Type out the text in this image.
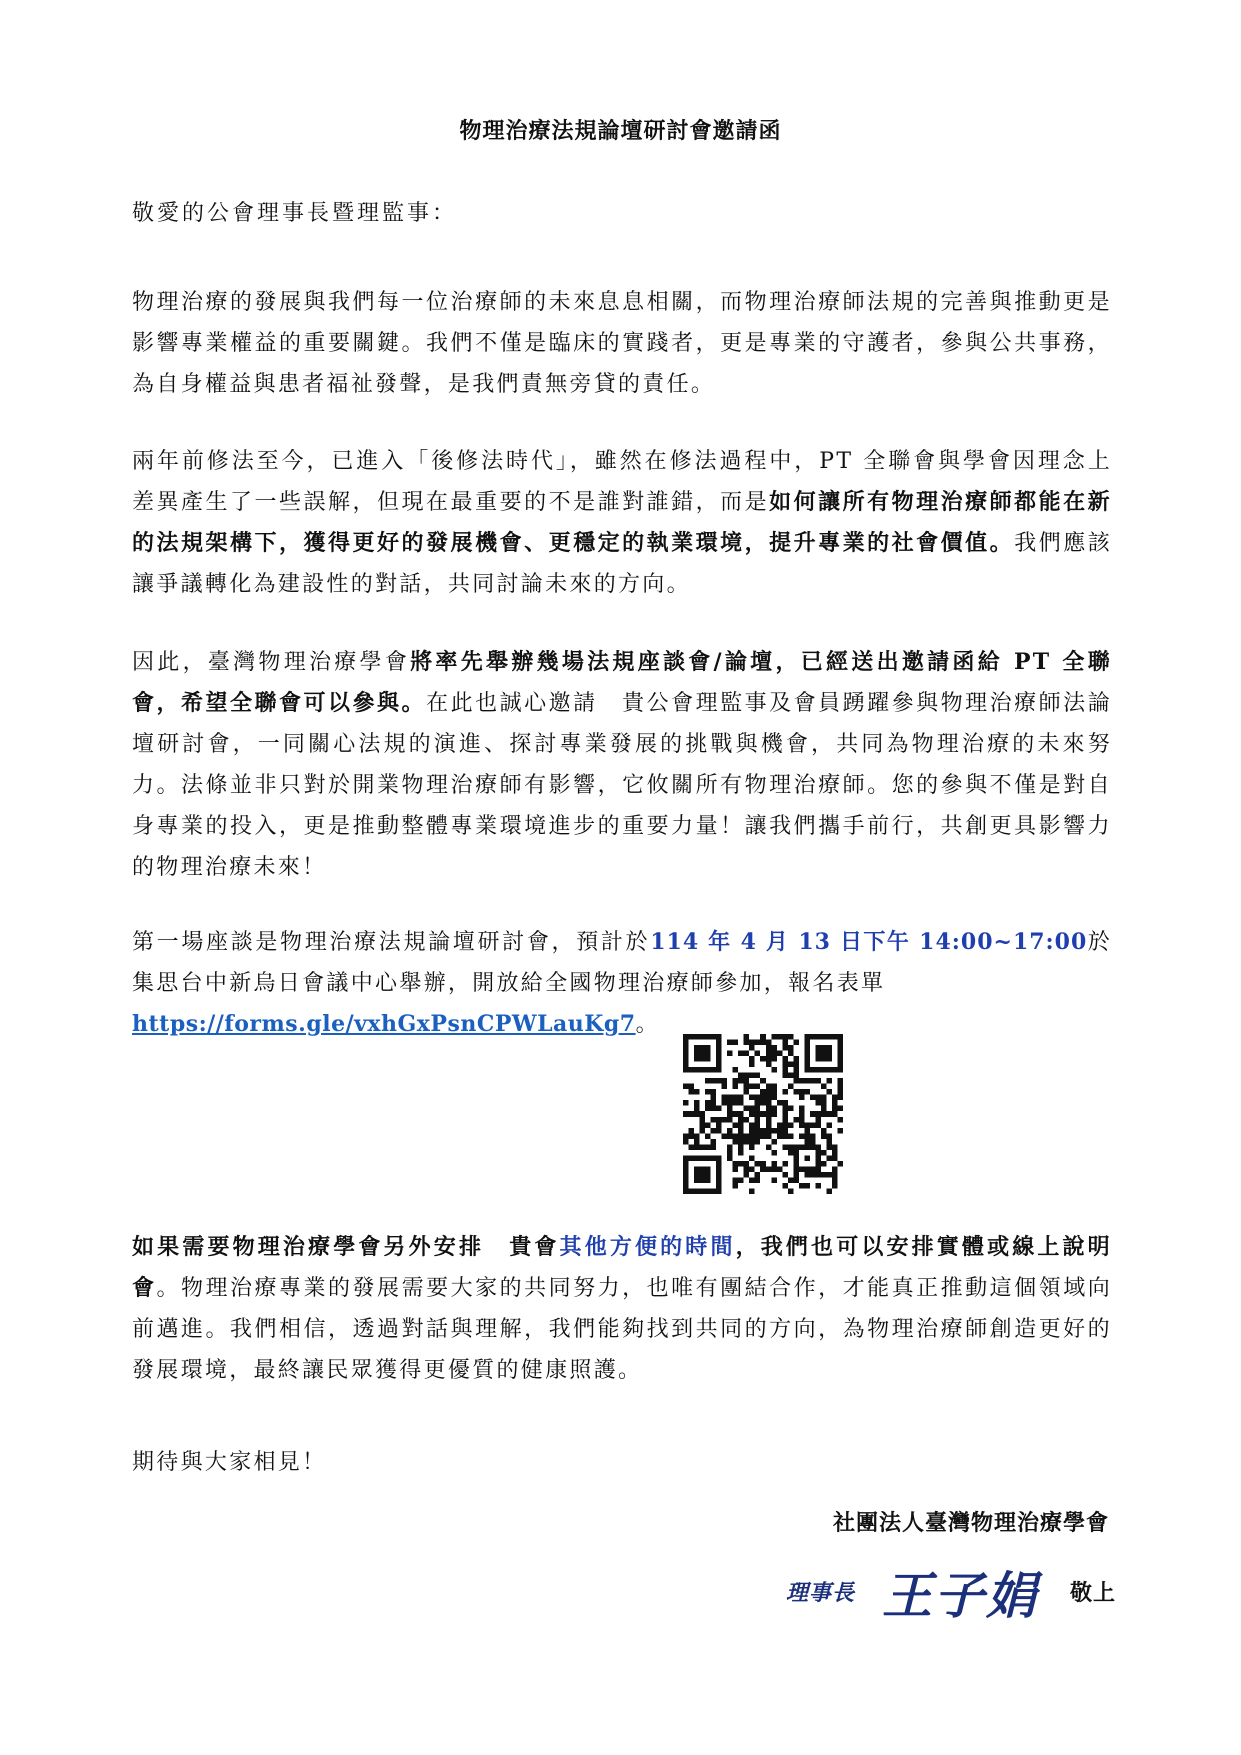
物理治療法規論壇研討會邀請函
敬愛的公會理事長暨理監事：

物理治療的發展與我們每一位治療師的未來息息相關，而物理治療師法規的完善與推動更是影響專業權益的重要關鍵。我們不僅是臨床的實踐者，更是專業的守護者，參與公共事務，為自身權益與患者福祉發聲，是我們責無旁貸的責任。

兩年前修法至今，已進入「後修法時代」，雖然在修法過程中，PT 全聯會與學會因理念上差異產生了一些誤解，但現在最重要的不是誰對誰錯，而是如何讓所有物理治療師都能在新的法規架構下，獲得更好的發展機會、更穩定的執業環境，提升專業的社會價值。我們應該讓爭議轉化為建設性的對話，共同討論未來的方向。

因此，臺灣物理治療學會將率先舉辦幾場法規座談會/論壇，已經送出邀請函給 PT 全聯會，希望全聯會可以參與。在此也誠心邀請　貴公會理監事及會員踴躍參與物理治療師法論壇研討會，一同關心法規的演進、探討專業發展的挑戰與機會，共同為物理治療的未來努力。法條並非只對於開業物理治療師有影響，它攸關所有物理治療師。您的參與不僅是對自身專業的投入，更是推動整體專業環境進步的重要力量！讓我們攜手前行，共創更具影響力的物理治療未來！

第一場座談是物理治療法規論壇研討會，預計於114 年 4 月 13 日下午 14:00~17:00於集思台中新烏日會議中心舉辦，開放給全國物理治療師參加，報名表單
https://forms.gle/vxhGxPsnCPWLauKg7。

如果需要物理治療學會另外安排　貴會其他方便的時間，我們也可以安排實體或線上說明會。物理治療專業的發展需要大家的共同努力，也唯有團結合作，才能真正推動這個領域向前邁進。我們相信，透過對話與理解，我們能夠找到共同的方向，為物理治療師創造更好的發展環境，最終讓民眾獲得更優質的健康照護。

期待與大家相見！

社團法人臺灣物理治療學會
理事長 王子娟 敬上
